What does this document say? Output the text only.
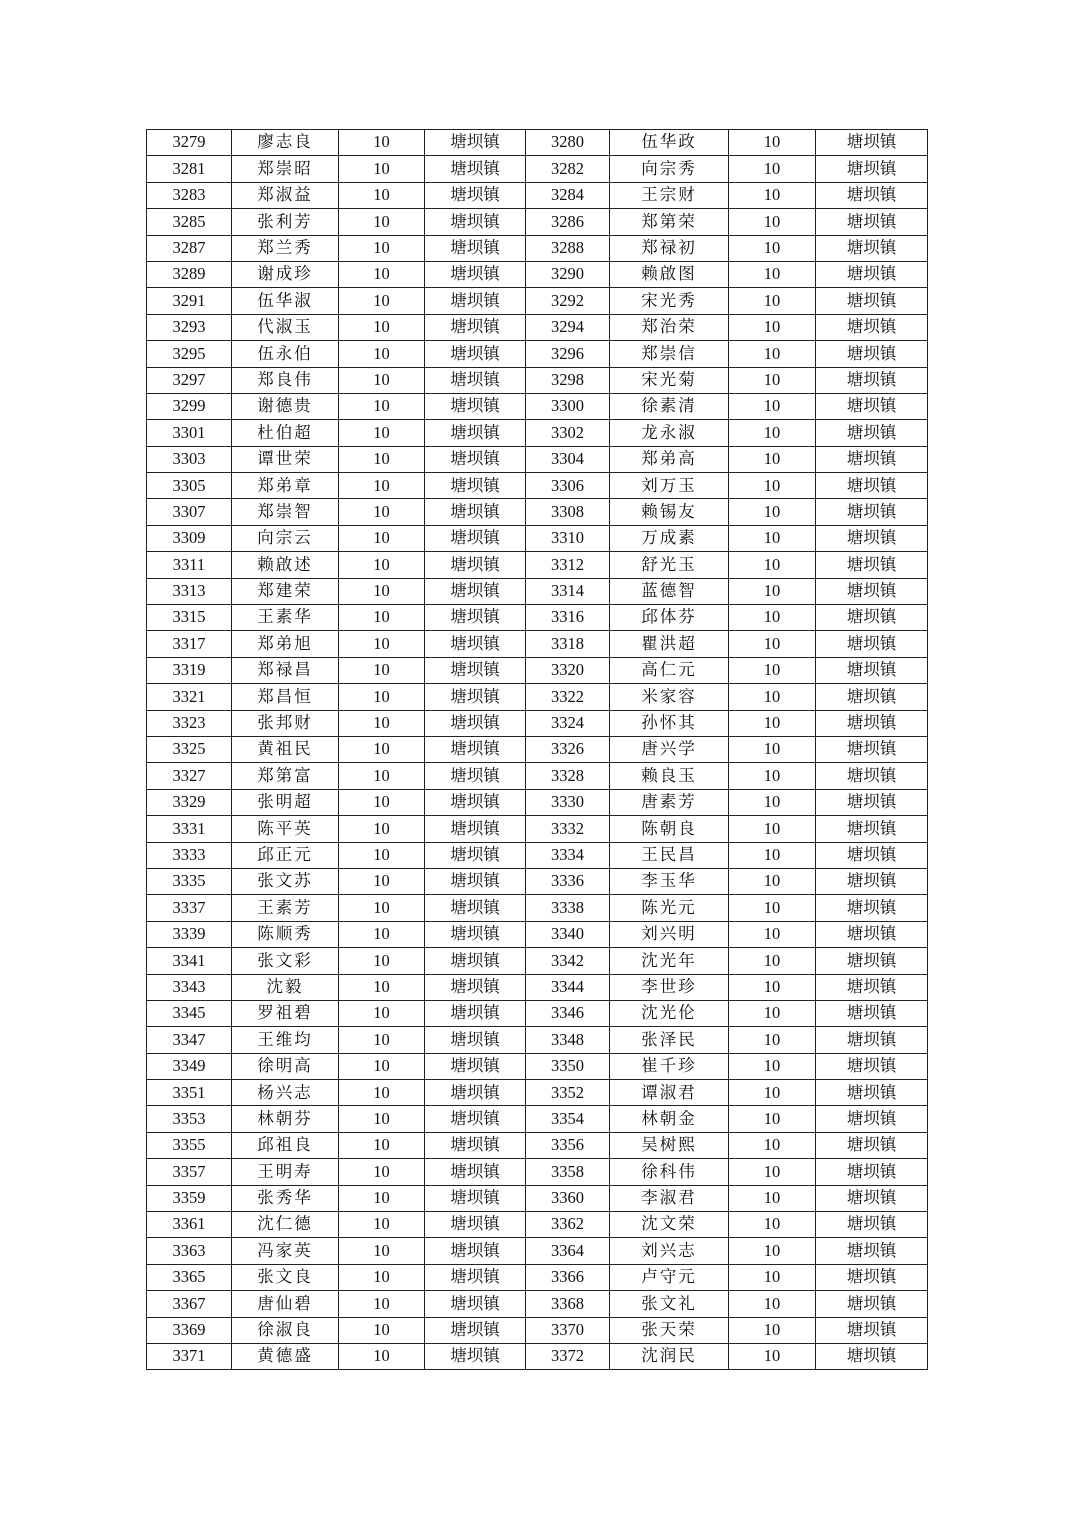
3279	廖志良	10	塘坝镇	3280	伍华政	10	塘坝镇
3281	郑崇昭	10	塘坝镇	3282	向宗秀	10	塘坝镇
3283	郑淑益	10	塘坝镇	3284	王宗财	10	塘坝镇
3285	张利芳	10	塘坝镇	3286	郑第荣	10	塘坝镇
3287	郑兰秀	10	塘坝镇	3288	郑禄初	10	塘坝镇
3289	谢成珍	10	塘坝镇	3290	赖啟图	10	塘坝镇
3291	伍华淑	10	塘坝镇	3292	宋光秀	10	塘坝镇
3293	代淑玉	10	塘坝镇	3294	郑治荣	10	塘坝镇
3295	伍永伯	10	塘坝镇	3296	郑崇信	10	塘坝镇
3297	郑良伟	10	塘坝镇	3298	宋光菊	10	塘坝镇
3299	谢德贵	10	塘坝镇	3300	徐素清	10	塘坝镇
3301	杜伯超	10	塘坝镇	3302	龙永淑	10	塘坝镇
3303	谭世荣	10	塘坝镇	3304	郑弟高	10	塘坝镇
3305	郑弟章	10	塘坝镇	3306	刘万玉	10	塘坝镇
3307	郑崇智	10	塘坝镇	3308	赖锡友	10	塘坝镇
3309	向宗云	10	塘坝镇	3310	万成素	10	塘坝镇
3311	赖啟述	10	塘坝镇	3312	舒光玉	10	塘坝镇
3313	郑建荣	10	塘坝镇	3314	蓝德智	10	塘坝镇
3315	王素华	10	塘坝镇	3316	邱体芬	10	塘坝镇
3317	郑弟旭	10	塘坝镇	3318	瞿洪超	10	塘坝镇
3319	郑禄昌	10	塘坝镇	3320	高仁元	10	塘坝镇
3321	郑昌恒	10	塘坝镇	3322	米家容	10	塘坝镇
3323	张邦财	10	塘坝镇	3324	孙怀其	10	塘坝镇
3325	黄祖民	10	塘坝镇	3326	唐兴学	10	塘坝镇
3327	郑第富	10	塘坝镇	3328	赖良玉	10	塘坝镇
3329	张明超	10	塘坝镇	3330	唐素芳	10	塘坝镇
3331	陈平英	10	塘坝镇	3332	陈朝良	10	塘坝镇
3333	邱正元	10	塘坝镇	3334	王民昌	10	塘坝镇
3335	张文苏	10	塘坝镇	3336	李玉华	10	塘坝镇
3337	王素芳	10	塘坝镇	3338	陈光元	10	塘坝镇
3339	陈顺秀	10	塘坝镇	3340	刘兴明	10	塘坝镇
3341	张文彩	10	塘坝镇	3342	沈光年	10	塘坝镇
3343	沈毅	10	塘坝镇	3344	李世珍	10	塘坝镇
3345	罗祖碧	10	塘坝镇	3346	沈光伦	10	塘坝镇
3347	王维均	10	塘坝镇	3348	张泽民	10	塘坝镇
3349	徐明高	10	塘坝镇	3350	崔千珍	10	塘坝镇
3351	杨兴志	10	塘坝镇	3352	谭淑君	10	塘坝镇
3353	林朝芬	10	塘坝镇	3354	林朝金	10	塘坝镇
3355	邱祖良	10	塘坝镇	3356	吴树熙	10	塘坝镇
3357	王明寿	10	塘坝镇	3358	徐科伟	10	塘坝镇
3359	张秀华	10	塘坝镇	3360	李淑君	10	塘坝镇
3361	沈仁德	10	塘坝镇	3362	沈文荣	10	塘坝镇
3363	冯家英	10	塘坝镇	3364	刘兴志	10	塘坝镇
3365	张文良	10	塘坝镇	3366	卢守元	10	塘坝镇
3367	唐仙碧	10	塘坝镇	3368	张文礼	10	塘坝镇
3369	徐淑良	10	塘坝镇	3370	张天荣	10	塘坝镇
3371	黄德盛	10	塘坝镇	3372	沈润民	10	塘坝镇
